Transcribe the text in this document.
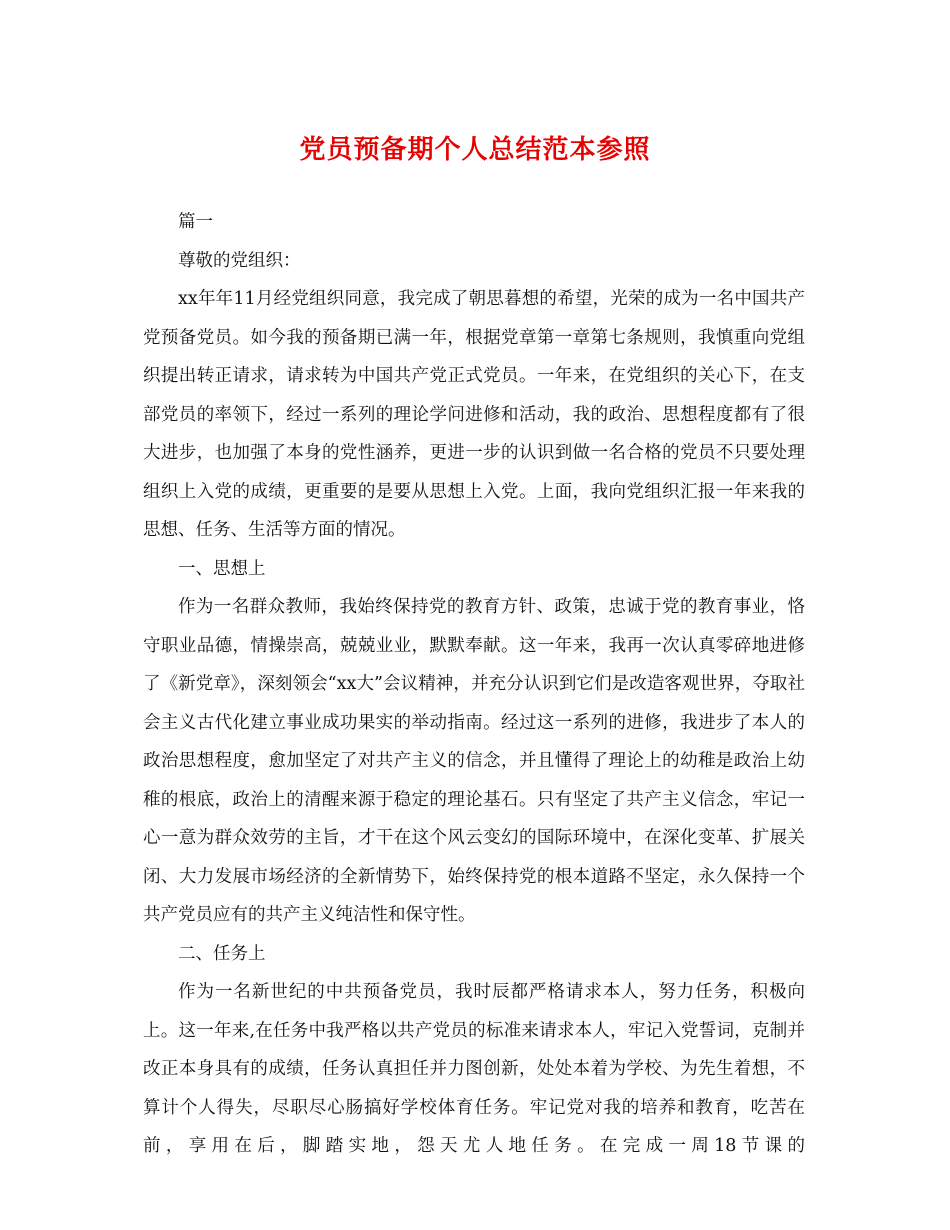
党员预备期个人总结范本参照

篇一

尊敬的党组织：

xx年年11月经党组织同意，我完成了朝思暮想的希望，光荣的成为一名中国共产党预备党员。如今我的预备期已满一年，根据党章第一章第七条规则，我慎重向党组织提出转正请求，请求转为中国共产党正式党员。一年来，在党组织的关心下，在支部党员的率领下，经过一系列的理论学问进修和活动，我的政治、思想程度都有了很大进步，也加强了本身的党性涵养，更进一步的认识到做一名合格的党员不只要处理组织上入党的成绩，更重要的是要从思想上入党。上面，我向党组织汇报一年来我的思想、任务、生活等方面的情况。

一、思想上

作为一名群众教师，我始终保持党的教育方针、政策，忠诚于党的教育事业，恪守职业品德，情操崇高，兢兢业业，默默奉献。这一年来，我再一次认真零碎地进修了《新党章》，深刻领会“xx大”会议精神，并充分认识到它们是改造客观世界，夺取社会主义古代化建立事业成功果实的举动指南。经过这一系列的进修，我进步了本人的政治思想程度，愈加坚定了对共产主义的信念，并且懂得了理论上的幼稚是政治上幼稚的根底，政治上的清醒来源于稳定的理论基石。只有坚定了共产主义信念，牢记一心一意为群众效劳的主旨，才干在这个风云变幻的国际环境中，在深化变革、扩展关闭、大力发展市场经济的全新情势下，始终保持党的根本道路不坚定，永久保持一个共产党员应有的共产主义纯洁性和保守性。

二、任务上

作为一名新世纪的中共预备党员，我时辰都严格请求本人，努力任务，积极向上。这一年来,在任务中我严格以共产党员的标准来请求本人，牢记入党誓词，克制并改正本身具有的成绩，任务认真担任并力图创新，处处本着为学校、为先生着想，不算计个人得失，尽职尽心肠搞好学校体育任务。牢记党对我的培养和教育，吃苦在前，享用在后，脚踏实地，怨天尤人地任务。在完成一周18节课的
